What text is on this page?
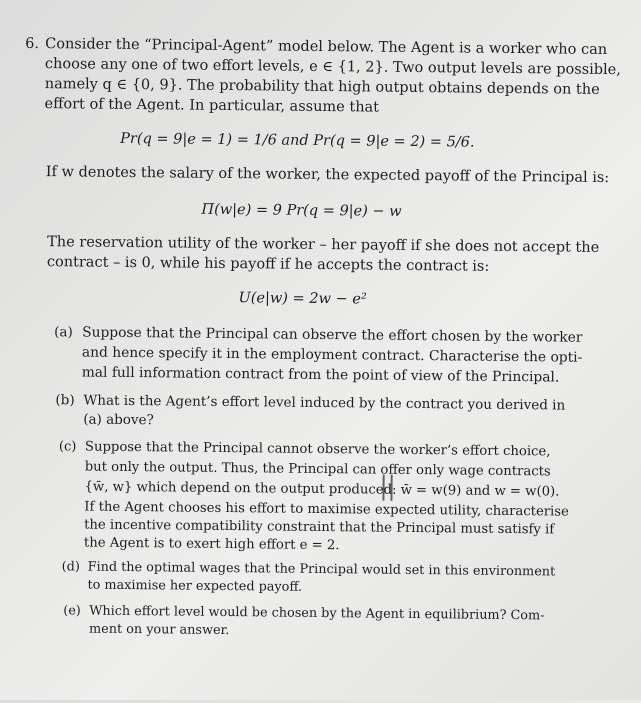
6. Consider the “Principal-Agent” model below. The Agent is a worker who can
choose any one of two effort levels, e ∈ {1, 2}. Two output levels are possible,
namely q ∈ {0, 9}. The probability that high output obtains depends on the
effort of the Agent. In particular, assume that
Pr(q = 9|e = 1) = 1/6 and Pr(q = 9|e = 2) = 5/6.
If w denotes the salary of the worker, the expected payoff of the Principal is:
Π(w|e) = 9 Pr(q = 9|e) − w
The reservation utility of the worker – her payoff if she does not accept the
contract – is 0, while his payoff if he accepts the contract is:
U(e|w) = 2w − e²
(a) Suppose that the Principal can observe the effort chosen by the worker
and hence specify it in the employment contract. Characterise the opti-
mal full information contract from the point of view of the Principal.
(b) What is the Agent’s effort level induced by the contract you derived in
(a) above?
(c) Suppose that the Principal cannot observe the worker’s effort choice,
but only the output. Thus, the Principal can offer only wage contracts
{w̄, w} which depend on the output produced: w̄ = w(9) and w = w(0).
If the Agent chooses his effort to maximise expected utility, characterise
the incentive compatibility constraint that the Principal must satisfy if
the Agent is to exert high effort e = 2.
(d) Find the optimal wages that the Principal would set in this environment
to maximise her expected payoff.
(e) Which effort level would be chosen by the Agent in equilibrium? Com-
ment on your answer.
